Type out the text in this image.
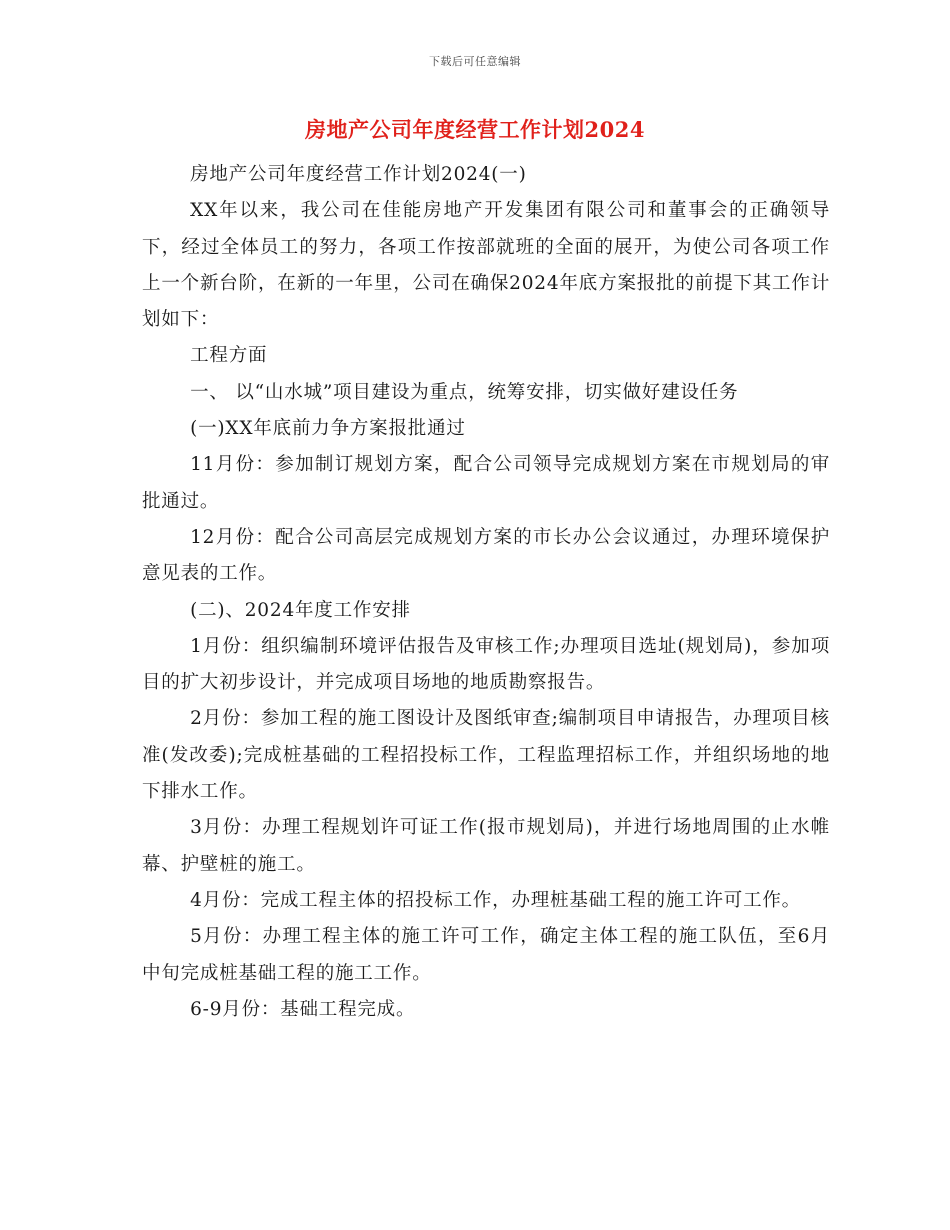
下载后可任意编辑
房地产公司年度经营工作计划2024

房地产公司年度经营工作计划2024(一)

XX年以来，我公司在佳能房地产开发集团有限公司和董事会的正确领导下，经过全体员工的努力，各项工作按部就班的全面的展开，为使公司各项工作上一个新台阶，在新的一年里，公司在确保2024年底方案报批的前提下其工作计划如下：

工程方面

一、 以“山水城”项目建设为重点，统筹安排，切实做好建设任务

(一)XX年底前力争方案报批通过

11月份：参加制订规划方案，配合公司领导完成规划方案在市规划局的审批通过。

12月份：配合公司高层完成规划方案的市长办公会议通过，办理环境保护意见表的工作。

(二)、2024年度工作安排

1月份：组织编制环境评估报告及审核工作;办理项目选址(规划局)，参加项目的扩大初步设计，并完成项目场地的地质勘察报告。

2月份：参加工程的施工图设计及图纸审查;编制项目申请报告，办理项目核准(发改委);完成桩基础的工程招投标工作，工程监理招标工作，并组织场地的地下排水工作。

3月份：办理工程规划许可证工作(报市规划局)，并进行场地周围的止水帷幕、护壁桩的施工。

4月份：完成工程主体的招投标工作，办理桩基础工程的施工许可工作。

5月份：办理工程主体的施工许可工作，确定主体工程的施工队伍，至6月中旬完成桩基础工程的施工工作。

6-9月份：基础工程完成。
